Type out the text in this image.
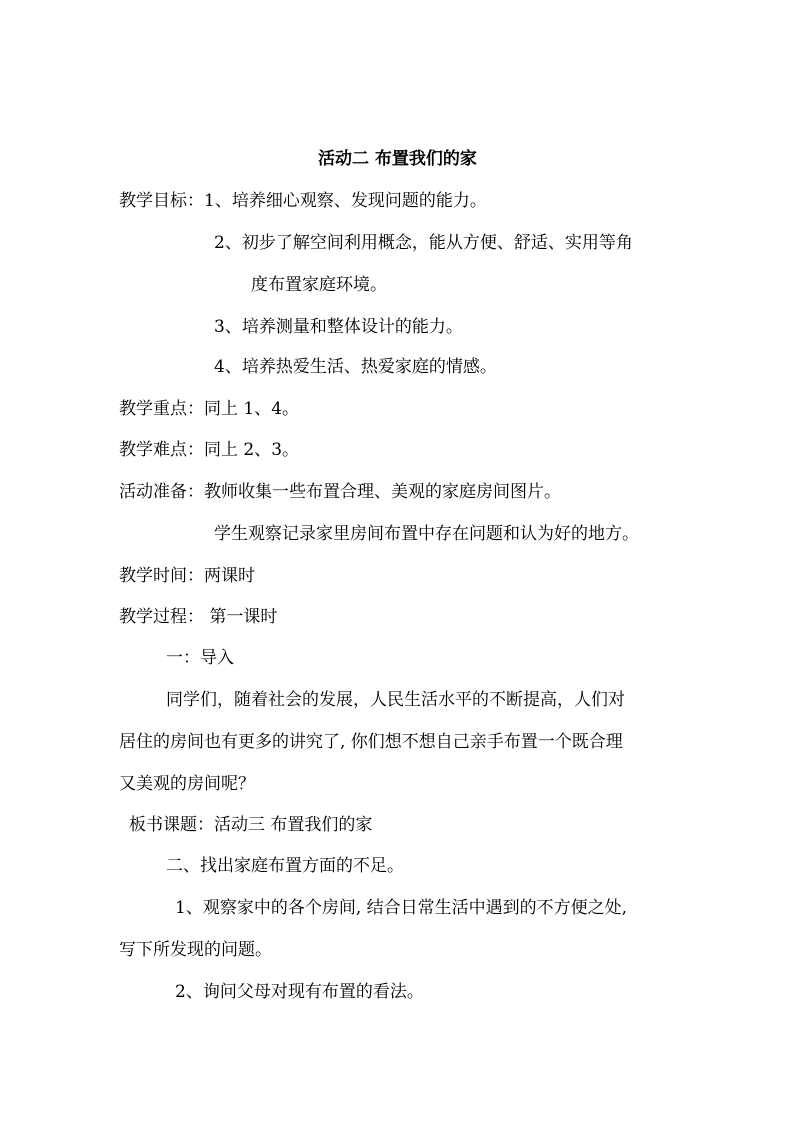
活动二 布置我们的家
教学目标：1、培养细心观察、发现问题的能力。
2、初步了解空间利用概念，能从方便、舒适、实用等角
度布置家庭环境。
3、培养测量和整体设计的能力。
4、培养热爱生活、热爱家庭的情感。
教学重点：同上 1、4。
教学难点：同上 2、3。
活动准备：教师收集一些布置合理、美观的家庭房间图片。
学生观察记录家里房间布置中存在问题和认为好的地方。
教学时间：两课时
教学过程： 第一课时
一：导入
同学们，随着社会的发展，人民生活水平的不断提高，人们对
居住的房间也有更多的讲究了, 你们想不想自己亲手布置一个既合理
又美观的房间呢？
板书课题：活动三 布置我们的家
二、找出家庭布置方面的不足。
1、观察家中的各个房间, 结合日常生活中遇到的不方便之处,
写下所发现的问题。
2、询问父母对现有布置的看法。
